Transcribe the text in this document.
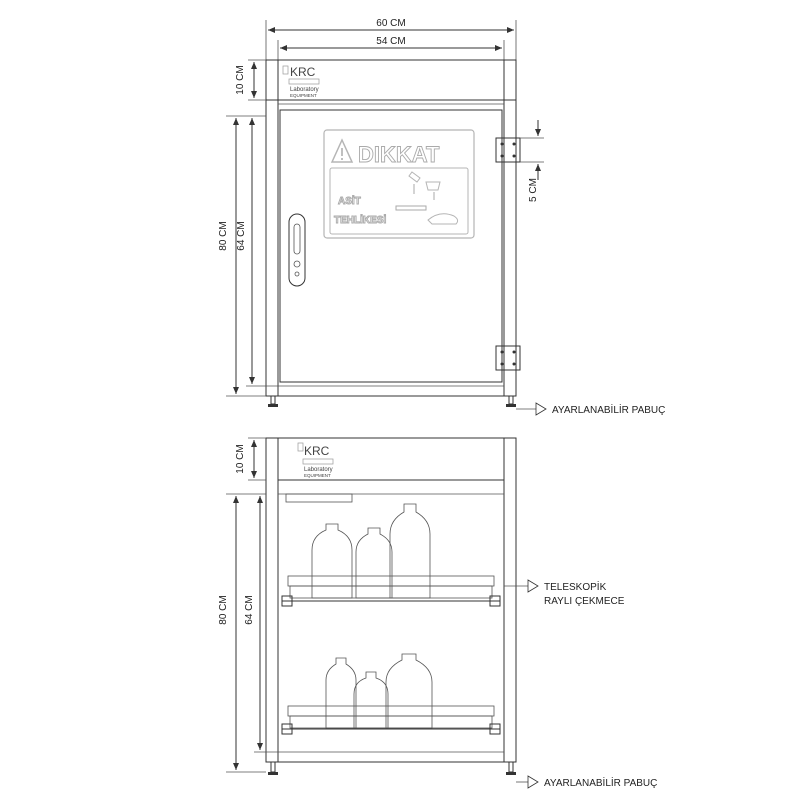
60 CM
54 CM
KRC
Laboratory
EQUIPMENT
DIKKAT
ASİT
TEHLİKESİ
5 CM
10 CM
80 CM 64 CM
AYARLANABİLİR PABUÇ
KRC
Laboratory
EQUIPMENT
10 CM
80 CM 64 CM
TELESKOPİK
RAYLI ÇEKMECE
AYARLANABİLİR PABUÇ
